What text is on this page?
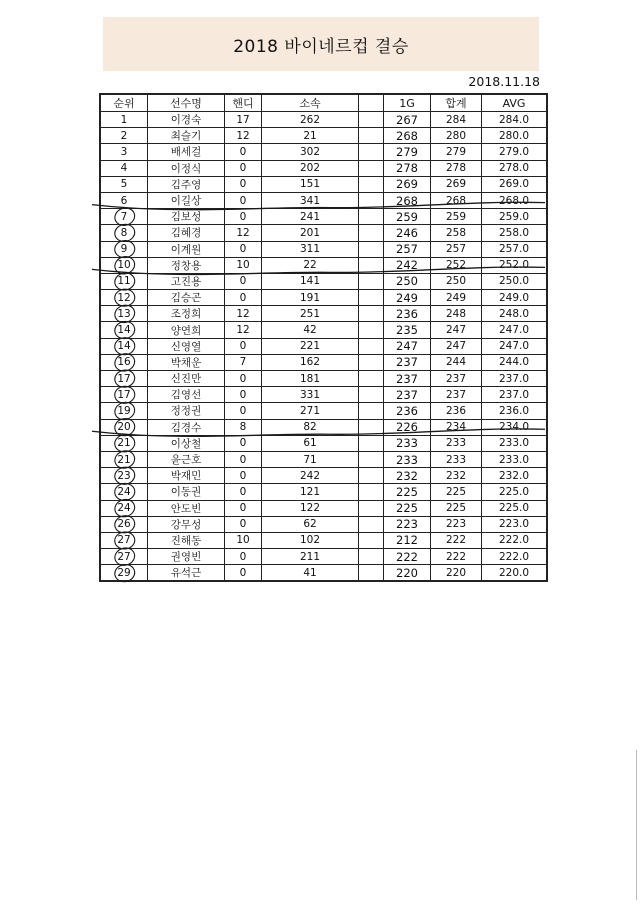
2018 바이네르컵 결승
2018.11.18
순위	선수명	핸디	소속		1G	합계	AVG
1	이경숙	17	262		267	284	284.0
2	최슬기	12	21		268	280	280.0
3	배세걸	0	302		279	279	279.0
4	이정식	0	202		278	278	278.0
5	김주영	0	151		269	269	269.0
6	이길상	0	341		268	268	268.0
7	김보성	0	241		259	259	259.0
8	김혜경	12	201		246	258	258.0
9	이계원	0	311		257	257	257.0
10	정창용	10	22		242	252	252.0
11	고진용	0	141		250	250	250.0
12	김승곤	0	191		249	249	249.0
13	조정희	12	251		236	248	248.0
14	양연희	12	42		235	247	247.0
14	신영열	0	221		247	247	247.0
16	박채운	7	162		237	244	244.0
17	신진만	0	181		237	237	237.0
17	김영선	0	331		237	237	237.0
19	정정권	0	271		236	236	236.0
20	김경수	8	82		226	234	234.0
21	이상철	0	61		233	233	233.0
21	윤근호	0	71		233	233	233.0
23	박재민	0	242		232	232	232.0
24	이동권	0	121		225	225	225.0
24	안도빈	0	122		225	225	225.0
26	강무성	0	62		223	223	223.0
27	진해동	10	102		212	222	222.0
27	권영빈	0	211		222	222	222.0
29	유석근	0	41		220	220	220.0
